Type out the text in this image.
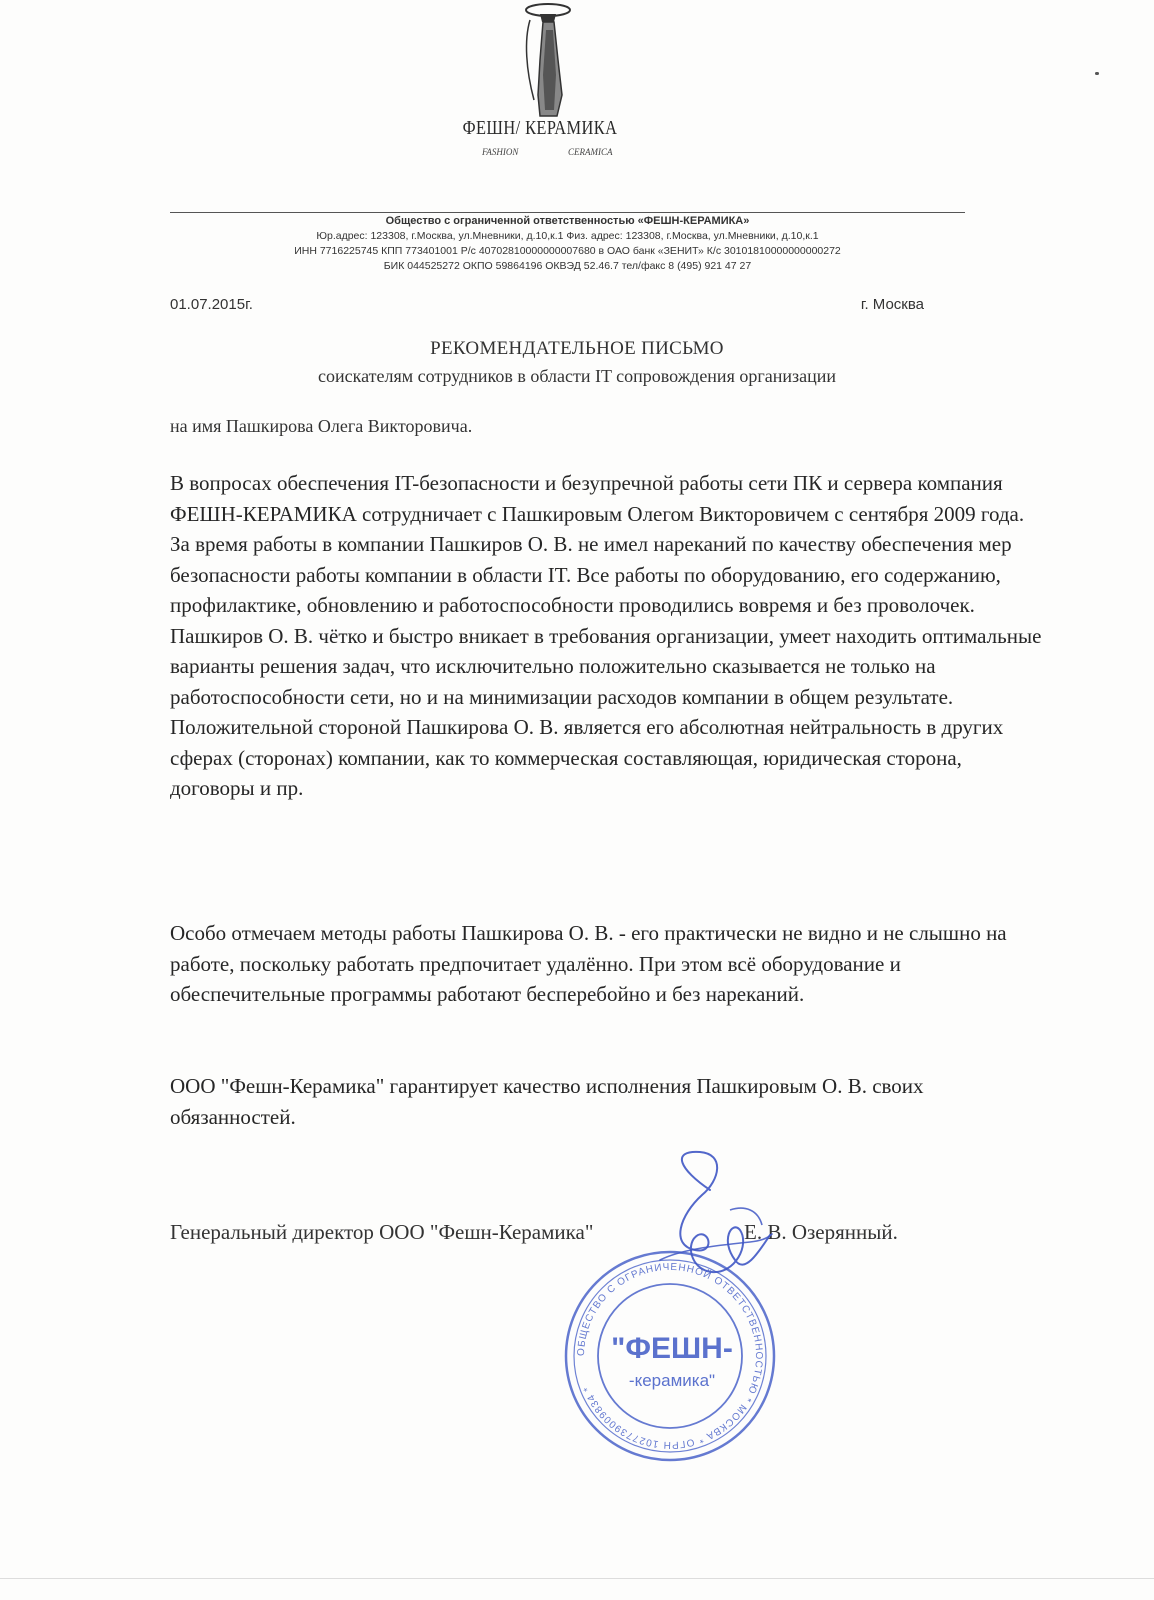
ФЕШН/ КЕРАМИКА
FASHION	CERAMICA
Общество с ограниченной ответственностью «ФЕШН-КЕРАМИКА»
Юр.адрес: 123308, г.Москва, ул.Мневники, д.10,к.1 Физ. адрес: 123308, г.Москва, ул.Мневники, д.10,к.1
ИНН 7716225745 КПП 773401001 Р/с 40702810000000007680 в ОАО банк «ЗЕНИТ» К/с 30101810000000000272
БИК 044525272 ОКПО 59864196 ОКВЭД 52.46.7 тел/факс 8 (495) 921 47 27
01.07.2015г.	г. Москва
РЕКОМЕНДАТЕЛЬНОЕ ПИСЬМО
соискателям сотрудников в области IT сопровождения организации
на имя Пашкирова Олега Викторовича.

В вопросах обеспечения IT-безопасности и безупречной работы сети ПК и сервера компания ФЕШН-КЕРАМИКА сотрудничает с Пашкировым Олегом Викторовичем с сентября 2009 года.

За время работы в компании Пашкиров О. В. не имел нареканий по качеству обеспечения мер безопасности работы компании в области IT. Все работы по оборудованию, его содержанию, профилактике, обновлению и работоспособности проводились вовремя и без проволочек.

Пашкиров О. В. чётко и быстро вникает в требования организации, умеет находить оптимальные варианты решения задач, что исключительно положительно сказывается не только на работоспособности сети, но и на минимизации расходов компании в общем результате.

Положительной стороной Пашкирова О. В. является его абсолютная нейтральность в других сферах (сторонах) компании, как то коммерческая составляющая, юридическая сторона, договоры и пр.

Особо отмечаем методы работы Пашкирова О. В. - его практически не видно и не слышно на работе, поскольку работать предпочитает удалённо. При этом всё оборудование и обеспечительные программы работают бесперебойно и без нареканий.

ООО "Фешн-Керамика" гарантирует качество исполнения Пашкировым О. В. своих обязанностей.

Генеральный директор ООО "Фешн-Керамика"	Е. В. Озерянный.
ОБЩЕСТВО С ОГРАНИЧЕННОЙ ОТВЕТСТВЕННОСТЬЮ * МОСКВА * ОГРН 1027739009834 *
"ФЕШН-
-керамика"
